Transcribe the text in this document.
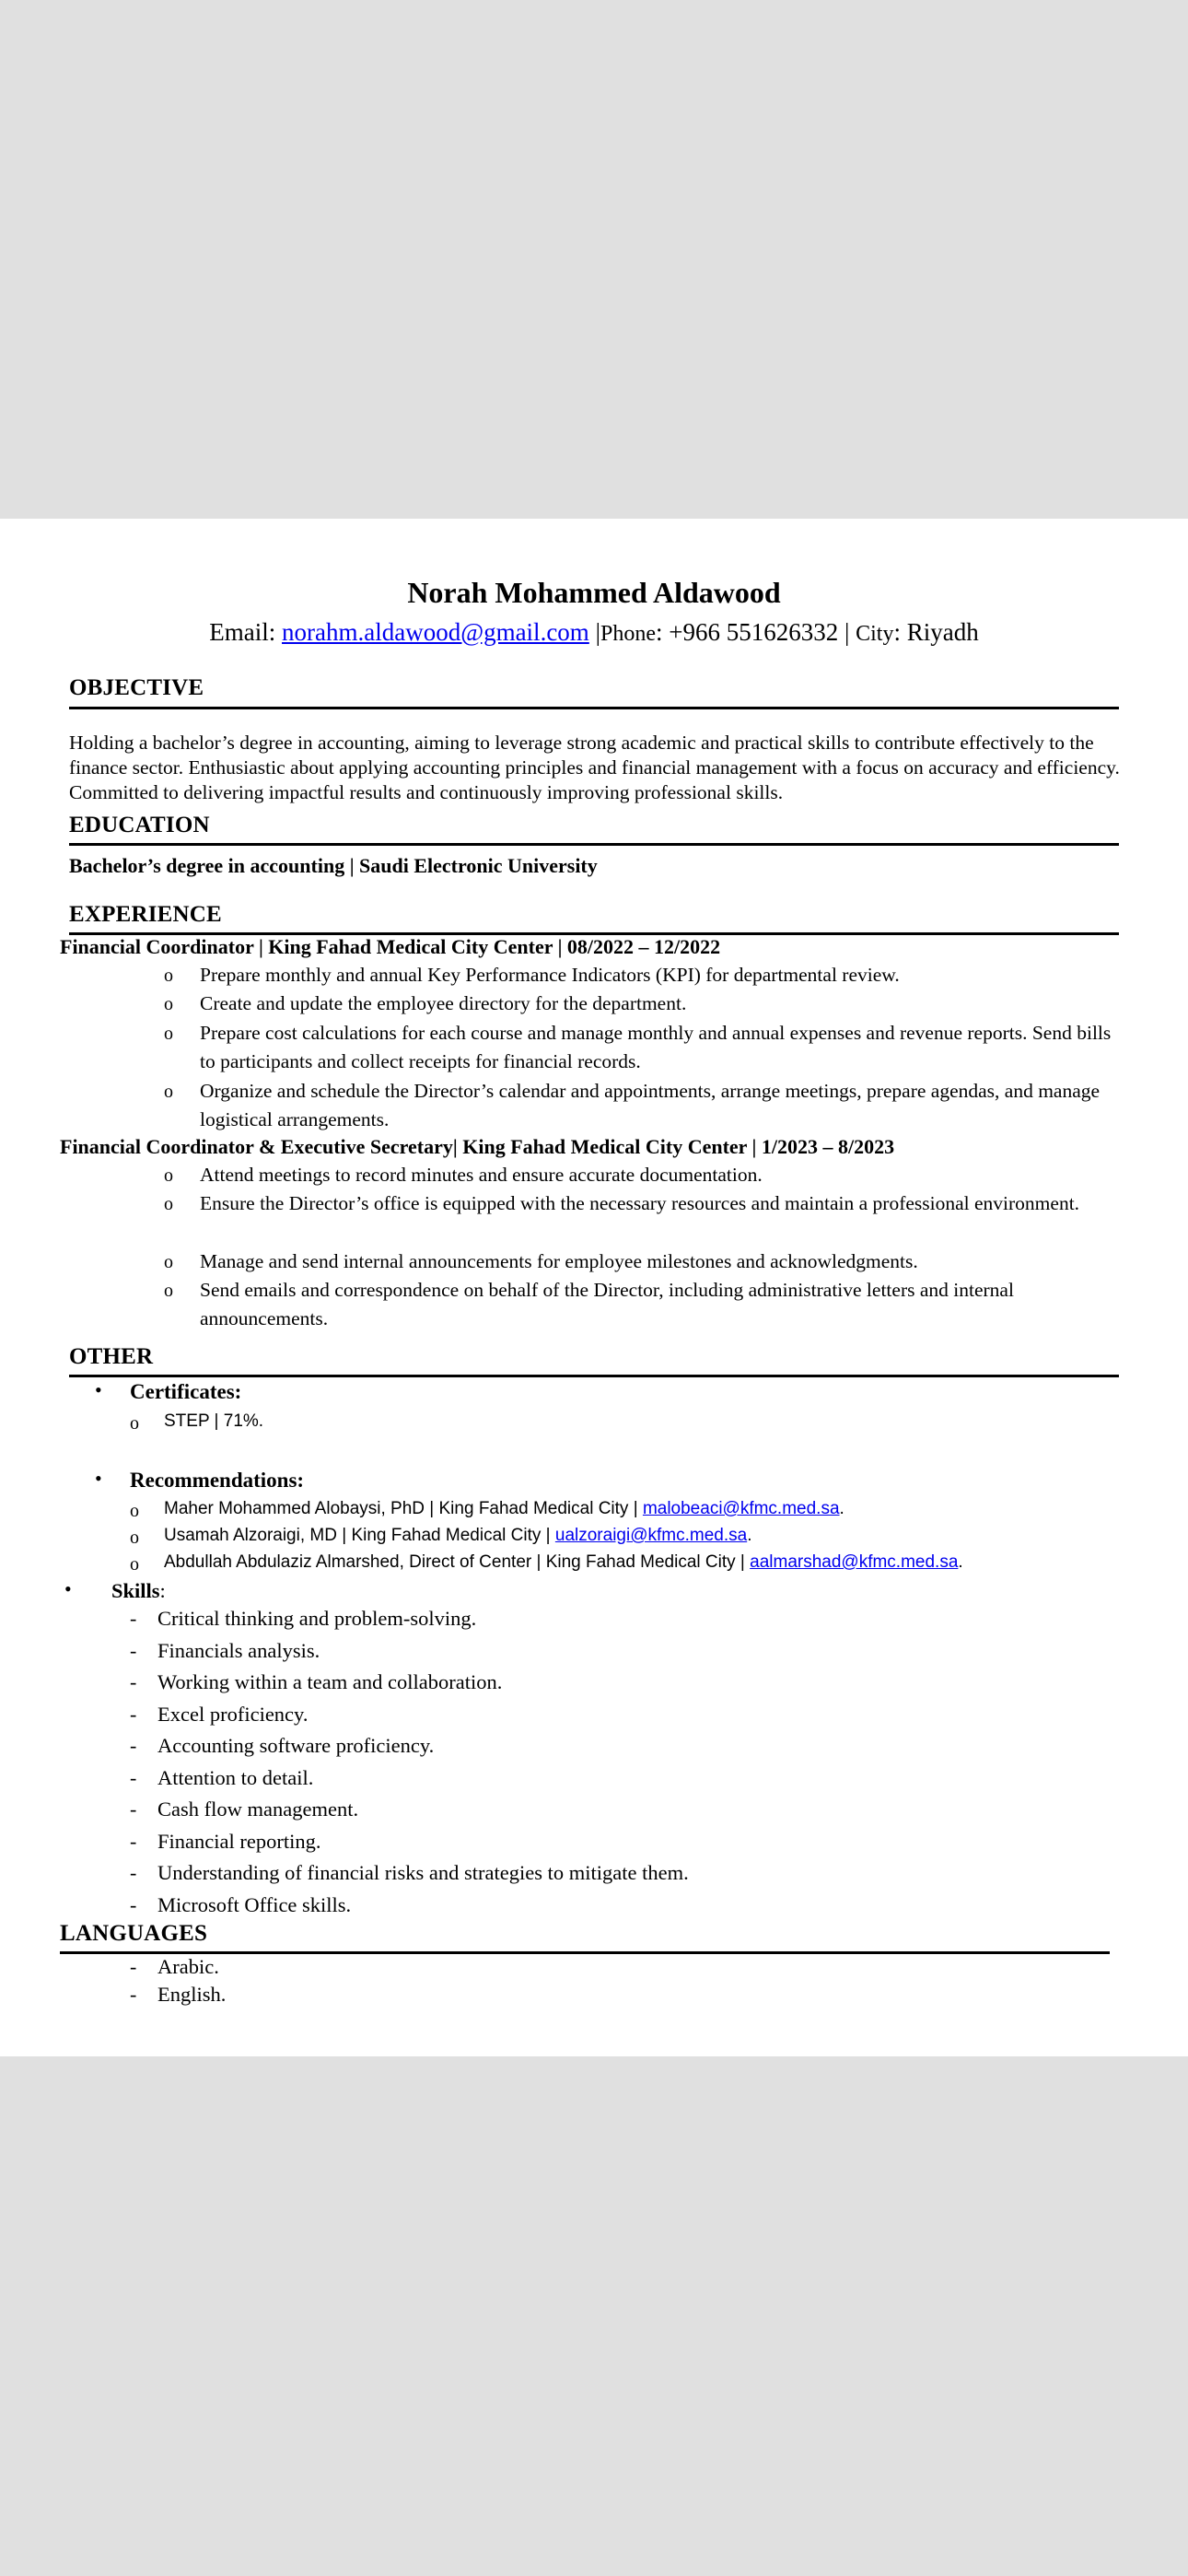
Norah Mohammed Aldawood
Email: norahm.aldawood@gmail.com |Phone: +966 551626332 | City: Riyadh
OBJECTIVE
Holding a bachelor’s degree in accounting, aiming to leverage strong academic and practical skills to contribute effectively to the finance sector. Enthusiastic about applying accounting principles and financial management with a focus on accuracy and efficiency. Committed to delivering impactful results and continuously improving professional skills.
EDUCATION
Bachelor’s degree in accounting | Saudi Electronic University
EXPERIENCE
Financial Coordinator | King Fahad Medical City Center | 08/2022 – 12/2022
o Prepare monthly and annual Key Performance Indicators (KPI) for departmental review.
o Create and update the employee directory for the department.
o Prepare cost calculations for each course and manage monthly and annual expenses and revenue reports. Send bills to participants and collect receipts for financial records.
o Organize and schedule the Director’s calendar and appointments, arrange meetings, prepare agendas, and manage logistical arrangements.
Financial Coordinator & Executive Secretary| King Fahad Medical City Center | 1/2023 – 8/2023
o Attend meetings to record minutes and ensure accurate documentation.
o Ensure the Director’s office is equipped with the necessary resources and maintain a professional environment.
o Manage and send internal announcements for employee milestones and acknowledgments.
o Send emails and correspondence on behalf of the Director, including administrative letters and internal announcements.
OTHER
• Certificates:
o STEP | 71%.
• Recommendations:
o Maher Mohammed Alobaysi, PhD | King Fahad Medical City | malobeaci@kfmc.med.sa.
o Usamah Alzoraigi, MD | King Fahad Medical City | ualzoraigi@kfmc.med.sa.
o Abdullah Abdulaziz Almarshed, Direct of Center | King Fahad Medical City | aalmarshad@kfmc.med.sa.
• Skills:
- Critical thinking and problem-solving.
- Financials analysis.
- Working within a team and collaboration.
- Excel proficiency.
- Accounting software proficiency.
- Attention to detail.
- Cash flow management.
- Financial reporting.
- Understanding of financial risks and strategies to mitigate them.
- Microsoft Office skills.
LANGUAGES
- Arabic.
- English.
